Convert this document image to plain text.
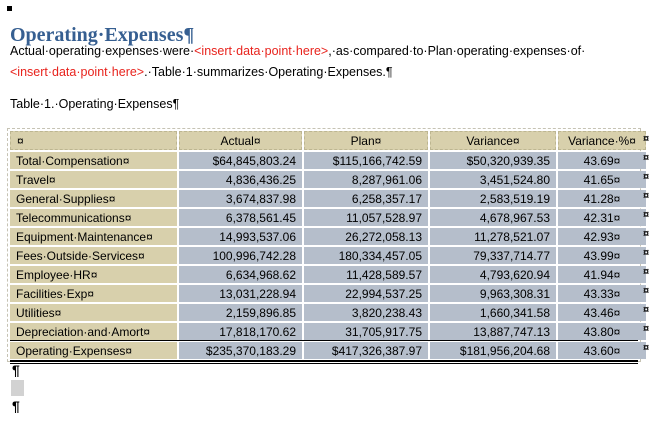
Operating·Expenses¶
Actual·operating·expenses·were·<insert·data·point·here>,·as·compared·to·Plan·operating·expenses·of·
<insert·data·point·here>.·Table·1·summarizes·Operating·Expenses.¶
Table·1.·Operating·Expenses¶
¤	Actual¤	Plan¤	Variance¤	Variance·%¤
Total·Compensation¤	$64,845,803.24	$115,166,742.59	$50,320,939.35	43.69¤
Travel¤	4,836,436.25	8,287,961.06	3,451,524.80	41.65¤
General·Supplies¤	3,674,837.98	6,258,357.17	2,583,519.19	41.28¤
Telecommunications¤	6,378,561.45	11,057,528.97	4,678,967.53	42.31¤
Equipment·Maintenance¤	14,993,537.06	26,272,058.13	11,278,521.07	42.93¤
Fees·Outside·Services¤	100,996,742.28	180,334,457.05	79,337,714.77	43.99¤
Employee·HR¤	6,634,968.62	11,428,589.57	4,793,620.94	41.94¤
Facilities·Exp¤	13,031,228.94	22,994,537.25	9,963,308.31	43.33¤
Utilities¤	2,159,896.85	3,820,238.43	1,660,341.58	43.46¤
Depreciation·and·Amort¤	17,818,170.62	31,705,917.75	13,887,747.13	43.80¤
Operating·Expenses¤	$235,370,183.29	$417,326,387.97	$181,956,204.68	43.60¤
¤
¤
¤
¤
¤
¤
¤
¤
¤
¤
¤
¤
¶
¶
